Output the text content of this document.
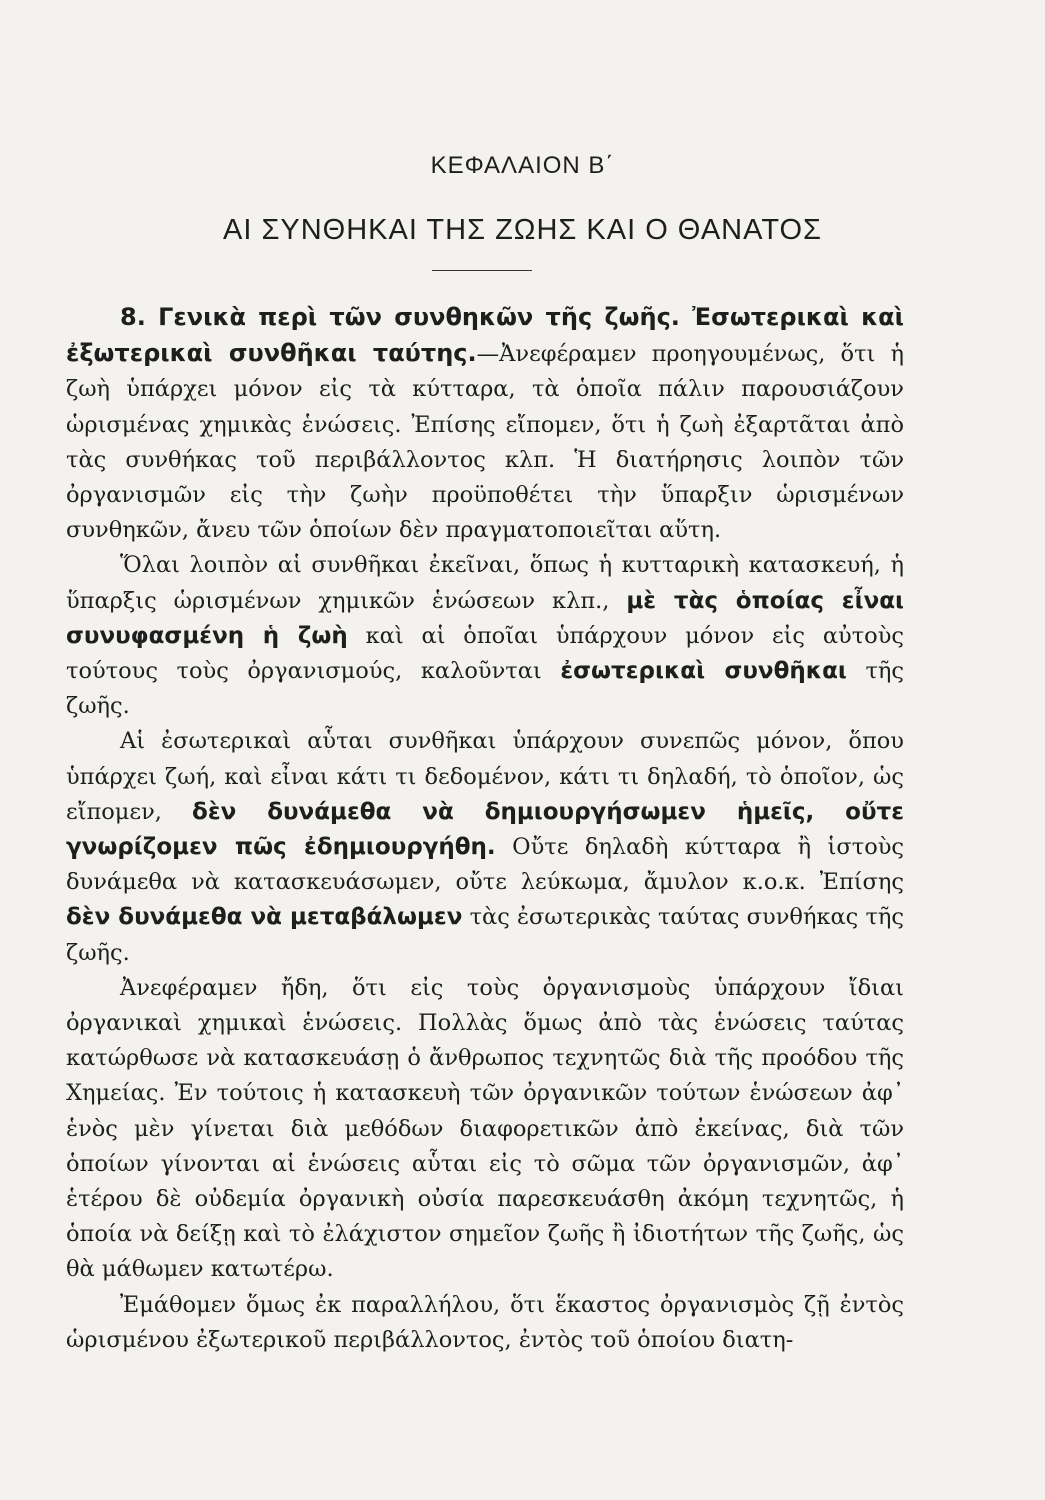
ΚΕΦΑΛΑΙΟΝ Β΄
ΑΙ ΣΥΝΘΗΚΑΙ ΤΗΣ ΖΩΗΣ ΚΑΙ Ο ΘΑΝΑΤΟΣ

8. Γενικὰ περὶ τῶν συνθηκῶν τῆς ζωῆς. Ἐσωτερικαὶ καὶ ἐξωτερικαὶ συνθῆκαι ταύτης.—Ἀνεφέραμεν προηγουμένως, ὅτι ἡ ζωὴ ὑπάρχει μόνον εἰς τὰ κύτταρα, τὰ ὁποῖα πάλιν παρουσιάζουν ὡρισμένας χημικὰς ἑνώσεις. Ἐπίσης εἴπομεν, ὅτι ἡ ζωὴ ἐξαρτᾶται ἀπὸ τὰς συνθήκας τοῦ περιβάλλοντος κλπ. Ἡ διατήρησις λοιπὸν τῶν ὀργανισμῶν εἰς τὴν ζωὴν προϋποθέτει τὴν ὕπαρξιν ὡρισμένων συνθηκῶν, ἄνευ τῶν ὁποίων δὲν πραγματοποιεῖται αὕτη.

Ὅλαι λοιπὸν αἱ συνθῆκαι ἐκεῖναι, ὅπως ἡ κυτταρικὴ κατασκευή, ἡ ὕπαρξις ὡρισμένων χημικῶν ἑνώσεων κλπ., μὲ τὰς ὁποίας εἶναι συνυφασμένη ἡ ζωὴ καὶ αἱ ὁποῖαι ὑπάρχουν μόνον εἰς αὐτοὺς τούτους τοὺς ὀργανισμούς, καλοῦνται ἐσωτερικαὶ συνθῆκαι τῆς ζωῆς.

Αἱ ἐσωτερικαὶ αὗται συνθῆκαι ὑπάρχουν συνεπῶς μόνον, ὅπου ὑπάρχει ζωή, καὶ εἶναι κάτι τι δεδομένον, κάτι τι δηλαδή, τὸ ὁποῖον, ὡς εἴπομεν, δὲν δυνάμεθα νὰ δημιουργήσωμεν ἡμεῖς, οὔτε γνωρίζομεν πῶς ἐδημιουργήθη. Οὔτε δηλαδὴ κύτταρα ἢ ἱστοὺς δυνάμεθα νὰ κατασκευάσωμεν, οὔτε λεύκωμα, ἄμυλον κ.ο.κ. Ἐπίσης δὲν δυνάμεθα νὰ μεταβάλωμεν τὰς ἐσωτερικὰς ταύτας συνθήκας τῆς ζωῆς.

Ἀνεφέραμεν ἤδη, ὅτι εἰς τοὺς ὀργανισμοὺς ὑπάρχουν ἴδιαι ὀργανικαὶ χημικαὶ ἑνώσεις. Πολλὰς ὅμως ἀπὸ τὰς ἑνώσεις ταύτας κατώρθωσε νὰ κατασκευάσῃ ὁ ἄνθρωπος τεχνητῶς διὰ τῆς προόδου τῆς Χημείας. Ἐν τούτοις ἡ κατασκευὴ τῶν ὀργανικῶν τούτων ἑνώσεων ἀφ᾽ ἑνὸς μὲν γίνεται διὰ μεθόδων διαφορετικῶν ἀπὸ ἐκείνας, διὰ τῶν ὁποίων γίνονται αἱ ἑνώσεις αὗται εἰς τὸ σῶμα τῶν ὀργανισμῶν, ἀφ᾽ ἑτέρου δὲ οὐδεμία ὀργανικὴ οὐσία παρεσκευάσθη ἀκόμη τεχνητῶς, ἡ ὁποία νὰ δείξῃ καὶ τὸ ἐλάχιστον σημεῖον ζωῆς ἢ ἰδιοτήτων τῆς ζωῆς, ὡς θὰ μάθωμεν κατωτέρω.

Ἐμάθομεν ὅμως ἐκ παραλλήλου, ὅτι ἕκαστος ὀργανισμὸς ζῇ ἐντὸς ὡρισμένου ἐξωτερικοῦ περιβάλλοντος, ἐντὸς τοῦ ὁποίου διατη-
